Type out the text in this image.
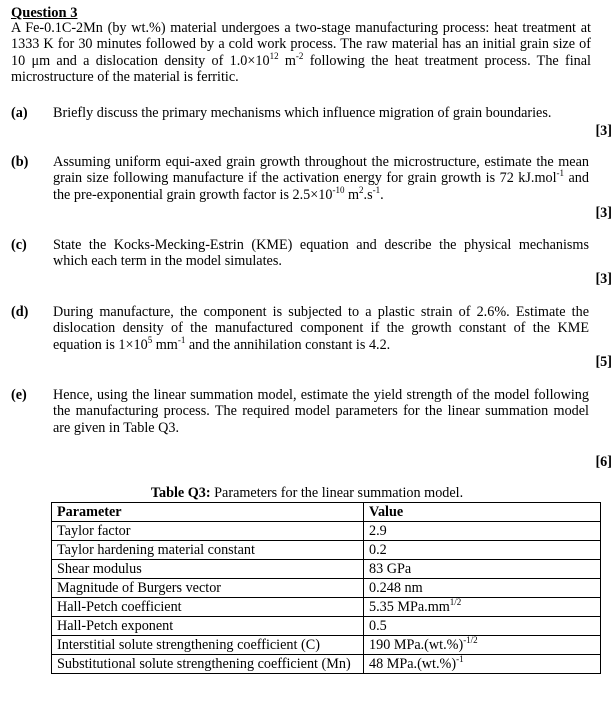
Question 3
A Fe-0.1C-2Mn (by wt.%) material undergoes a two-stage manufacturing process: heat treatment at 1333 K for 30 minutes followed by a cold work process. The raw material has an initial grain size of 10 μm and a dislocation density of $1.0\times 10^{12}$ $m^{-2}$ following the heat treatment process. The final microstructure of the material is ferritic.
(a) Briefly discuss the primary mechanisms which influence migration of grain boundaries.
[3]
(b) Assuming uniform equi-axed grain growth throughout the microstructure, estimate the mean grain size following manufacture if the activation energy for grain growth is 72 kJ.mol$^{-1}$ and the pre-exponential grain growth factor is $2.5\times 10^{-10}$ $m^2.s^{-1}$.
[3]
(c) State the Kocks-Mecking-Estrin (KME) equation and describe the physical mechanisms which each term in the model simulates.
[3]
(d) During manufacture, the component is subjected to a plastic strain of 2.6%. Estimate the dislocation density of the manufactured component if the growth constant of the KME equation is $1\times 10^5$ $mm^{-1}$ and the annihilation constant is 4.2.
[5]
(e) Hence, using the linear summation model, estimate the yield strength of the model following the manufacturing process. The required model parameters for the linear summation model are given in Table Q3.
[6]
Table Q3: Parameters for the linear summation model.
Parameter	Value
Taylor factor	2.9
Taylor hardening material constant	0.2
Shear modulus	83 GPa
Magnitude of Burgers vector	0.248 nm
Hall-Petch coefficient	5.35 $MPa.mm^{1/2}$
Hall-Petch exponent	0.5
Interstitial solute strengthening coefficient (C)	190 $MPa.(wt.\%)^{-1/2}$
Substitutional solute strengthening coefficient (Mn)	48 $MPa.(wt.\%)^{-1}$
